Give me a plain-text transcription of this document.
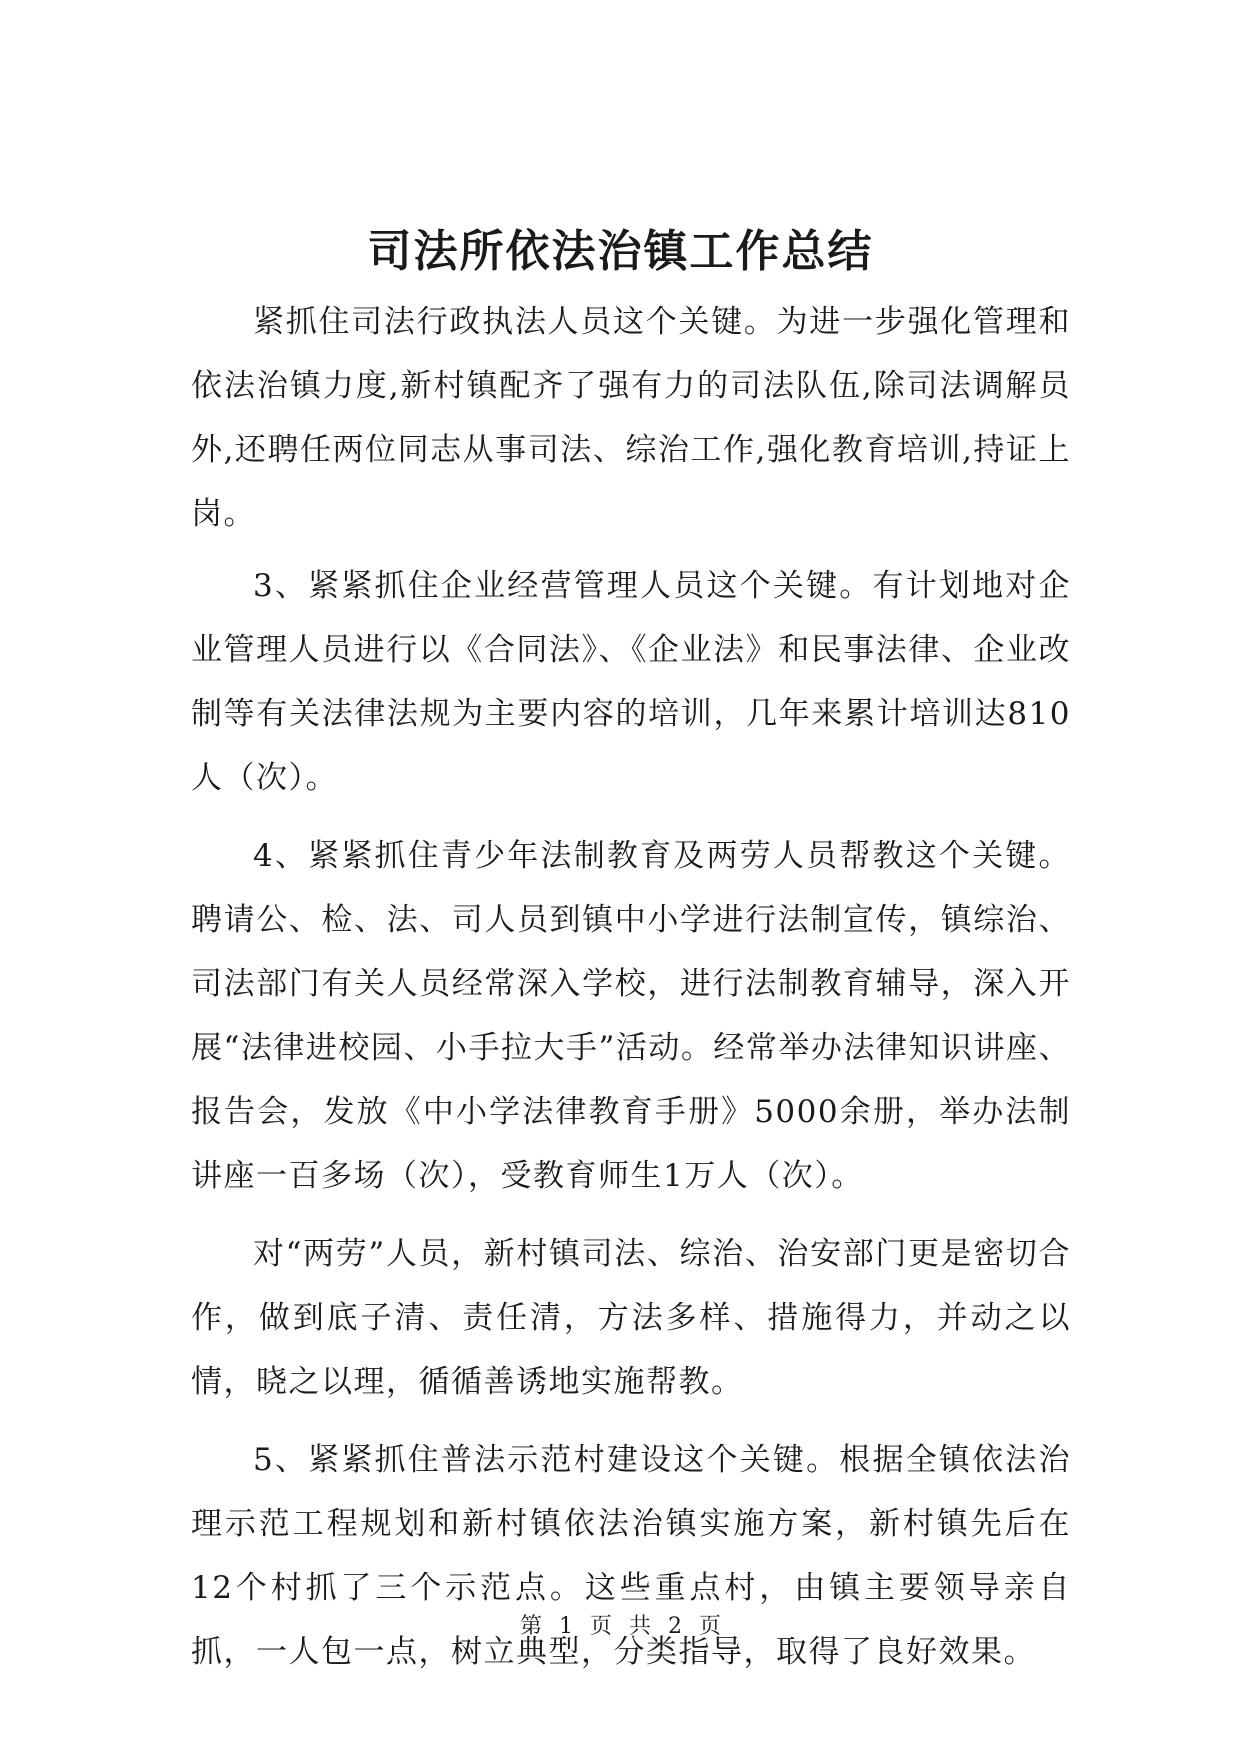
司法所依法治镇工作总结

紧抓住司法行政执法人员这个关键。为进一步强化管理和依法治镇力度,新村镇配齐了强有力的司法队伍,除司法调解员外,还聘任两位同志从事司法、综治工作,强化教育培训,持证上岗。

3、紧紧抓住企业经营管理人员这个关键。有计划地对企业管理人员进行以《合同法》、《企业法》和民事法律、企业改制等有关法律法规为主要内容的培训，几年来累计培训达810人（次）。

4、紧紧抓住青少年法制教育及两劳人员帮教这个关键。聘请公、检、法、司人员到镇中小学进行法制宣传，镇综治、司法部门有关人员经常深入学校，进行法制教育辅导，深入开展“法律进校园、小手拉大手”活动。经常举办法律知识讲座、报告会，发放《中小学法律教育手册》5000余册，举办法制讲座一百多场（次），受教育师生1万人（次）。

对“两劳”人员，新村镇司法、综治、治安部门更是密切合作，做到底子清、责任清，方法多样、措施得力，并动之以情，晓之以理，循循善诱地实施帮教。

5、紧紧抓住普法示范村建设这个关键。根据全镇依法治理示范工程规划和新村镇依法治镇实施方案，新村镇先后在12个村抓了三个示范点。这些重点村，由镇主要领导亲自抓，一人包一点，树立典型，分类指导，取得了良好效果。

第 1 页 共 2 页
